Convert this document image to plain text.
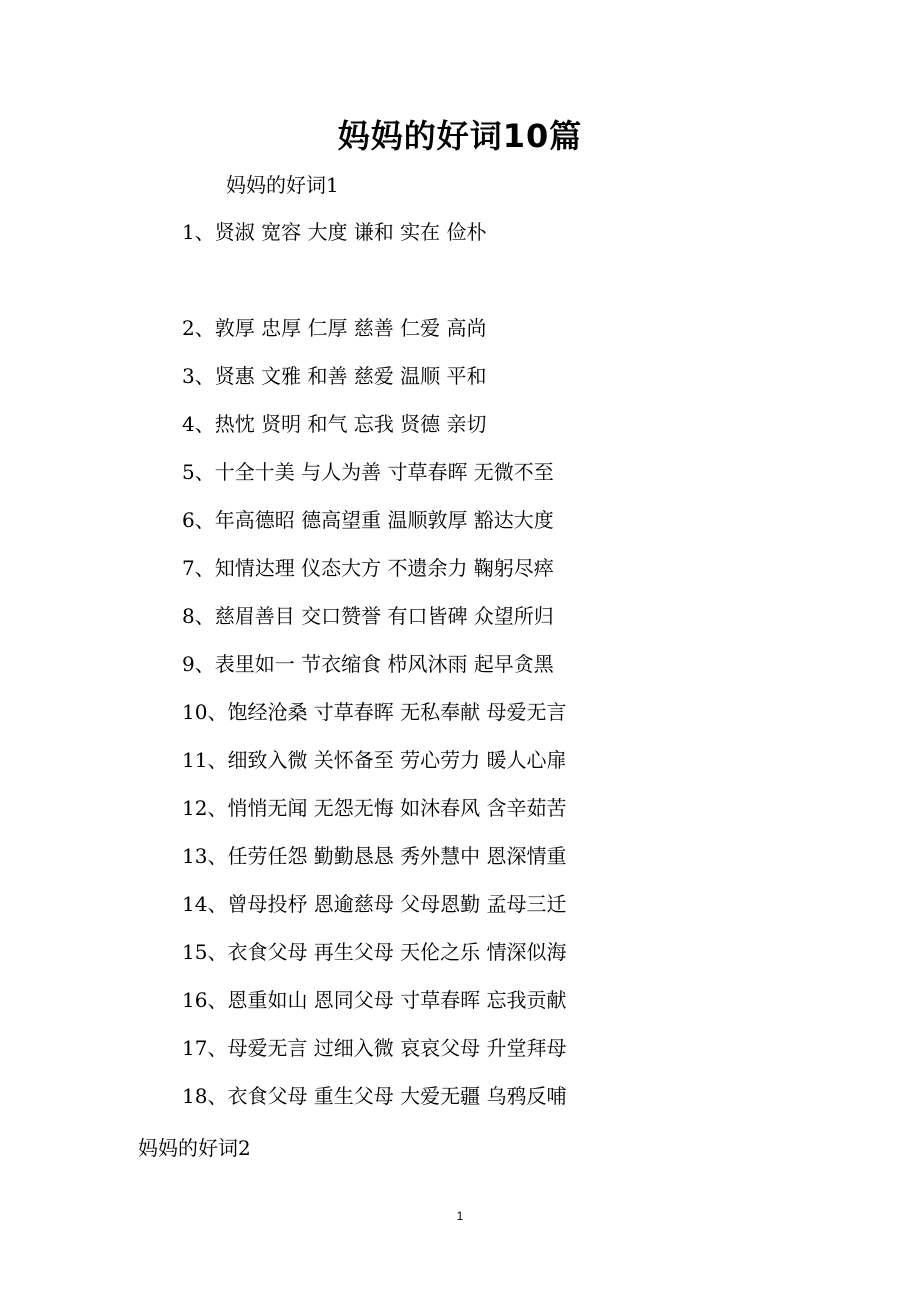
妈妈的好词10篇
妈妈的好词1
1、贤淑 宽容 大度 谦和 实在 俭朴
2、敦厚 忠厚 仁厚 慈善 仁爱 高尚
3、贤惠 文雅 和善 慈爱 温顺 平和
4、热忱 贤明 和气 忘我 贤德 亲切
5、十全十美 与人为善 寸草春晖 无微不至
6、年高德昭 德高望重 温顺敦厚 豁达大度
7、知情达理 仪态大方 不遗余力 鞠躬尽瘁
8、慈眉善目 交口赞誉 有口皆碑 众望所归
9、表里如一 节衣缩食 栉风沐雨 起早贪黑
10、饱经沧桑 寸草春晖 无私奉献 母爱无言
11、细致入微 关怀备至 劳心劳力 暖人心扉
12、悄悄无闻 无怨无悔 如沐春风 含辛茹苦
13、任劳任怨 勤勤恳恳 秀外慧中 恩深情重
14、曾母投杼 恩逾慈母 父母恩勤 孟母三迁
15、衣食父母 再生父母 天伦之乐 情深似海
16、恩重如山 恩同父母 寸草春晖 忘我贡献
17、母爱无言 过细入微 哀哀父母 升堂拜母
18、衣食父母 重生父母 大爱无疆 乌鸦反哺
妈妈的好词2
1
